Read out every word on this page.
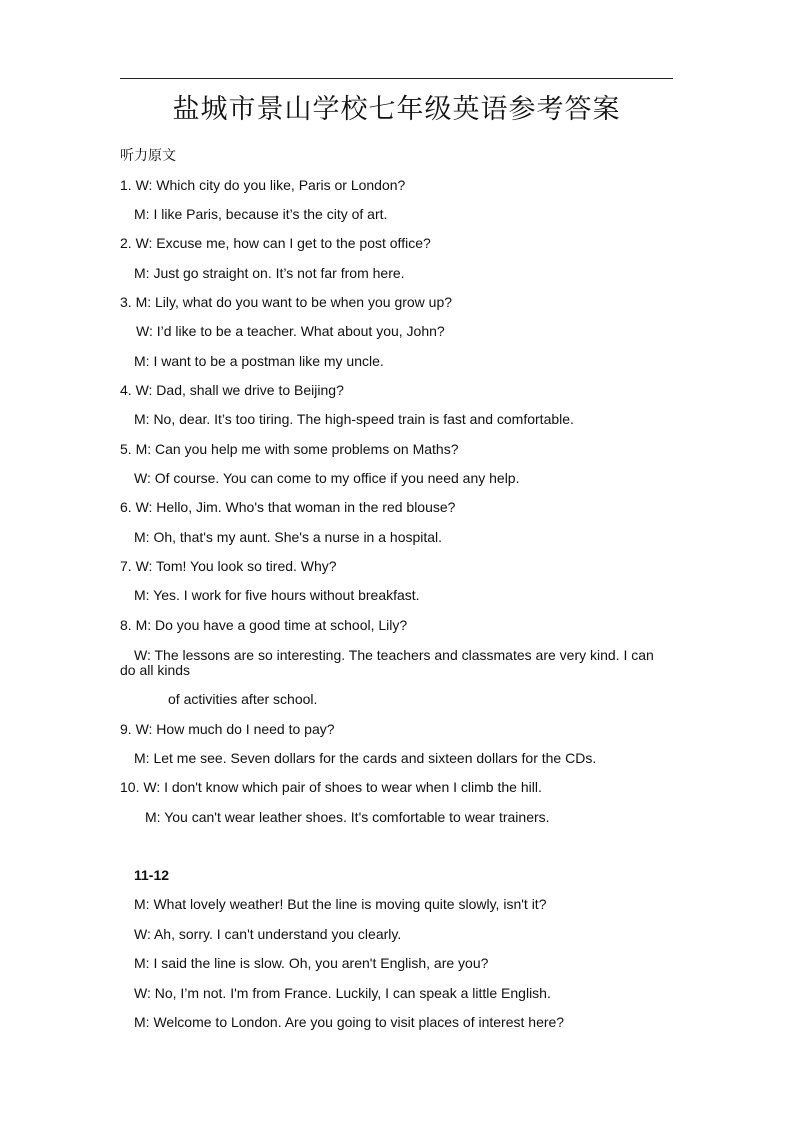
盐城市景山学校七年级英语参考答案
听力原文
1. W: Which city do you like, Paris or London?
M: I like Paris, because it’s the city of art.
2. W: Excuse me, how can I get to the post office?
M: Just go straight on. It’s not far from here.
3. M: Lily, what do you want to be when you grow up?
W: I’d like to be a teacher. What about you, John?
M: I want to be a postman like my uncle.
4. W: Dad, shall we drive to Beijing?
M: No, dear. It’s too tiring. The high-speed train is fast and comfortable.
5. M: Can you help me with some problems on Maths?
W: Of course. You can come to my office if you need any help.
6. W: Hello, Jim. Who's that woman in the red blouse?
M: Oh, that's my aunt. She's a nurse in a hospital.
7. W: Tom! You look so tired. Why?
M: Yes. I work for five hours without breakfast.
8. M: Do you have a good time at school, Lily?
W: The lessons are so interesting. The teachers and classmates are very kind. I can
do all kinds
of activities after school.
9. W: How much do I need to pay?
M: Let me see. Seven dollars for the cards and sixteen dollars for the CDs.
10. W: I don't know which pair of shoes to wear when I climb the hill.
M: You can't wear leather shoes. It's comfortable to wear trainers.
11-12
M: What lovely weather! But the line is moving quite slowly, isn't it?
W: Ah, sorry. I can't understand you clearly.
M: I said the line is slow. Oh, you aren't English, are you?
W: No, I’m not. I'm from France. Luckily, I can speak a little English.
M: Welcome to London. Are you going to visit places of interest here?
